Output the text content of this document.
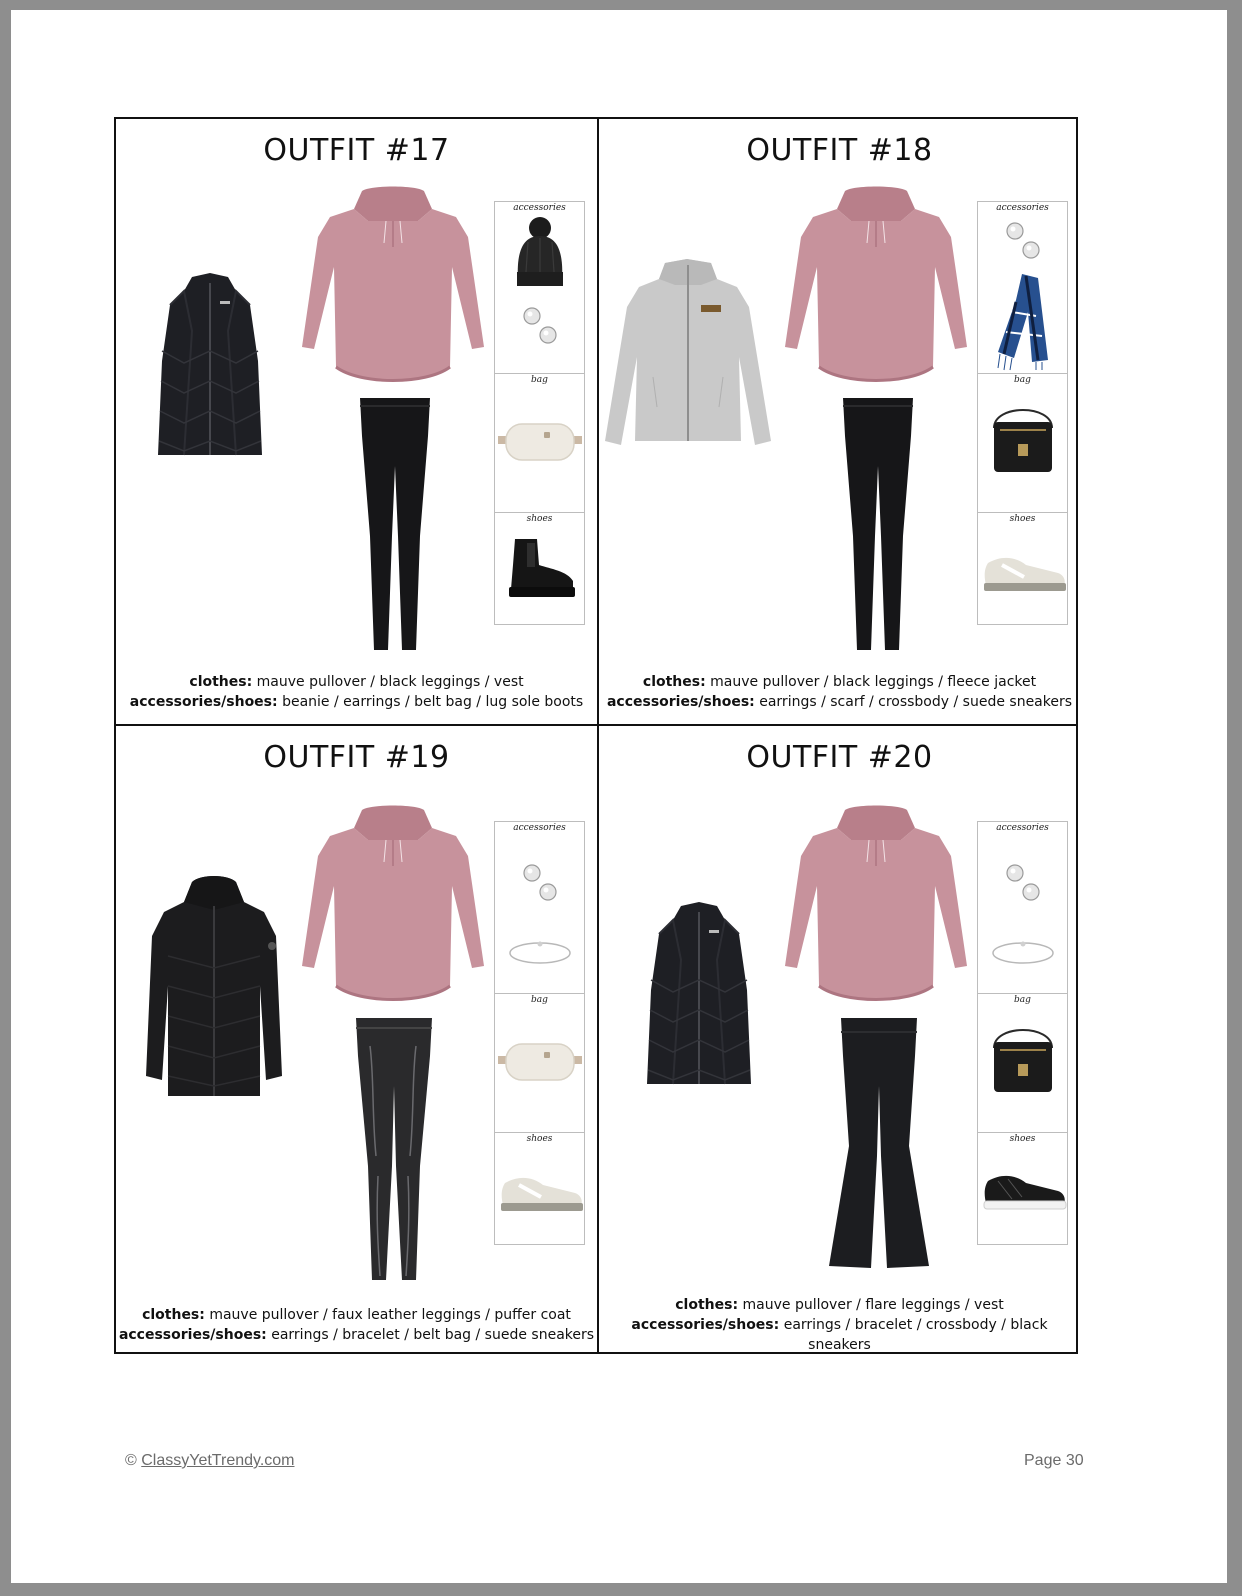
OUTFIT #17
accessories
bag
shoes
clothes: mauve pullover / black leggings / vest
accessories/shoes: beanie / earrings / belt bag / lug sole boots
OUTFIT #18
accessories
bag
shoes
clothes: mauve pullover / black leggings / fleece jacket
accessories/shoes: earrings / scarf / crossbody / suede sneakers
OUTFIT #19
accessories
bag
shoes
clothes: mauve pullover / faux leather leggings / puffer coat
accessories/shoes: earrings / bracelet / belt bag / suede sneakers
OUTFIT #20
accessories
bag
shoes
clothes: mauve pullover / flare leggings / vest
accessories/shoes: earrings / bracelet / crossbody / black sneakers
© ClassyYetTrendy.com	Page 30
